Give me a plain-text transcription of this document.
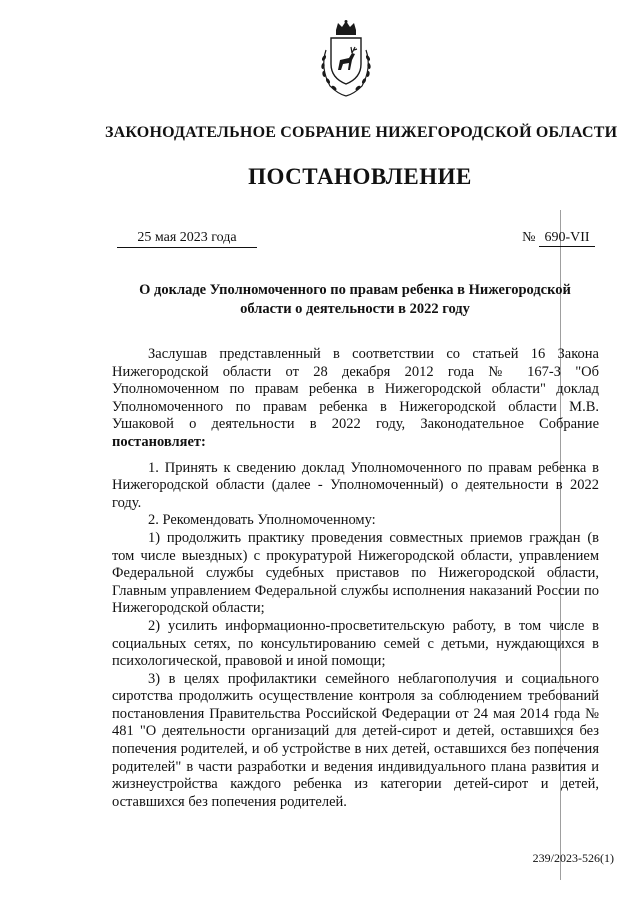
ЗАКОНОДАТЕЛЬНОЕ СОБРАНИЕ НИЖЕГОРОДСКОЙ ОБЛАСТИ
ПОСТАНОВЛЕНИЕ
25 мая 2023 года	№ 690-VII
О докладе Уполномоченного по правам ребенка в Нижегородской
области о деятельности в 2022 году

Заслушав представленный в соответствии со статьей 16 Закона Нижегородской области от 28 декабря 2012 года № 167-З "Об Уполномоченном по правам ребенка в Нижегородской области" доклад Уполномоченного по правам ребенка в Нижегородской области М.В. Ушаковой о деятельности в 2022 году, Законодательное Собрание постановляет:

1. Принять к сведению доклад Уполномоченного по правам ребенка в Нижегородской области (далее - Уполномоченный) о деятельности в 2022 году.

2. Рекомендовать Уполномоченному:

1) продолжить практику проведения совместных приемов граждан (в том числе выездных) с прокуратурой Нижегородской области, управлением Федеральной службы судебных приставов по Нижегородской области, Главным управлением Федеральной службы исполнения наказаний России по Нижегородской области;

2) усилить информационно-просветительскую работу, в том числе в социальных сетях, по консультированию семей с детьми, нуждающихся в психологической, правовой и иной помощи;

3) в целях профилактики семейного неблагополучия и социального сиротства продолжить осуществление контроля за соблюдением требований постановления Правительства Российской Федерации от 24 мая 2014 года № 481 "О деятельности организаций для детей-сирот и детей, оставшихся без попечения родителей, и об устройстве в них детей, оставшихся без попечения родителей" в части разработки и ведения индивидуального плана развития и жизнеустройства каждого ребенка из категории детей-сирот и детей, оставшихся без попечения родителей.

239/2023-526(1)
